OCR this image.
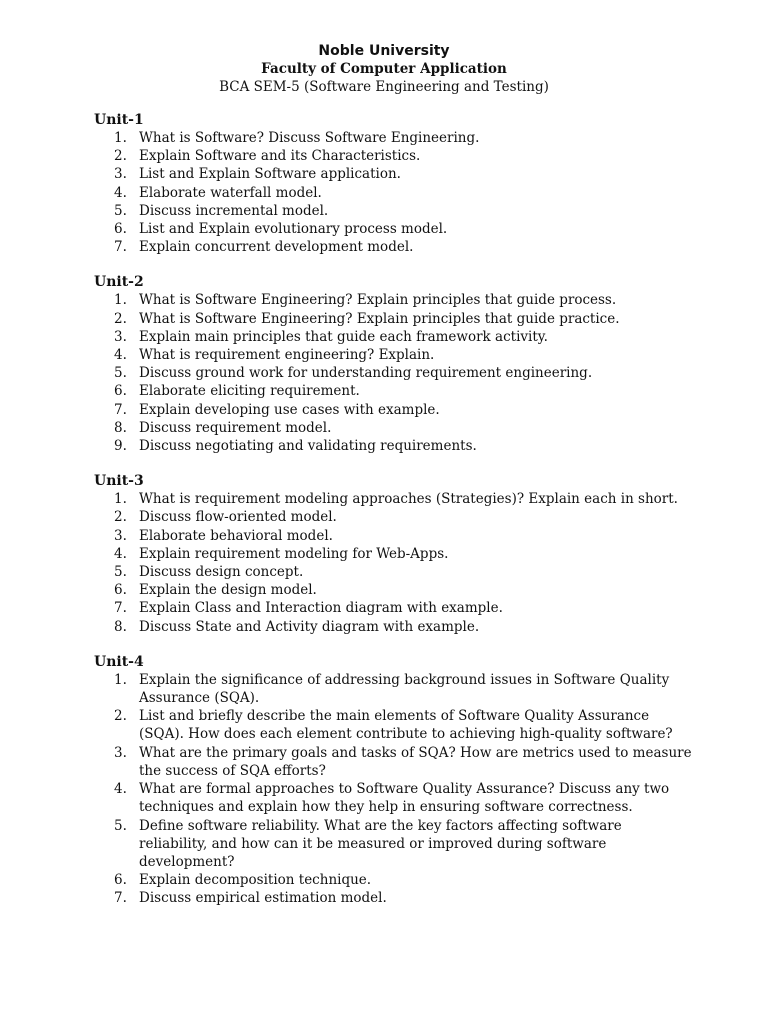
Noble University
Faculty of Computer Application
BCA SEM-5 (Software Engineering and Testing)
Unit-1
1. What is Software? Discuss Software Engineering.
2. Explain Software and its Characteristics.
3. List and Explain Software application.
4. Elaborate waterfall model.
5. Discuss incremental model.
6. List and Explain evolutionary process model.
7. Explain concurrent development model.
Unit-2
1. What is Software Engineering? Explain principles that guide process.
2. What is Software Engineering? Explain principles that guide practice.
3. Explain main principles that guide each framework activity.
4. What is requirement engineering? Explain.
5. Discuss ground work for understanding requirement engineering.
6. Elaborate eliciting requirement.
7. Explain developing use cases with example.
8. Discuss requirement model.
9. Discuss negotiating and validating requirements.
Unit-3
1. What is requirement modeling approaches (Strategies)? Explain each in short.
2. Discuss flow-oriented model.
3. Elaborate behavioral model.
4. Explain requirement modeling for Web-Apps.
5. Discuss design concept.
6. Explain the design model.
7. Explain Class and Interaction diagram with example.
8. Discuss State and Activity diagram with example.
Unit-4
1. Explain the significance of addressing background issues in Software Quality Assurance (SQA).
2. List and briefly describe the main elements of Software Quality Assurance (SQA). How does each element contribute to achieving high-quality software?
3. What are the primary goals and tasks of SQA? How are metrics used to measure the success of SQA efforts?
4. What are formal approaches to Software Quality Assurance? Discuss any two techniques and explain how they help in ensuring software correctness.
5. Define software reliability. What are the key factors affecting software reliability, and how can it be measured or improved during software development?
6. Explain decomposition technique.
7. Discuss empirical estimation model.
